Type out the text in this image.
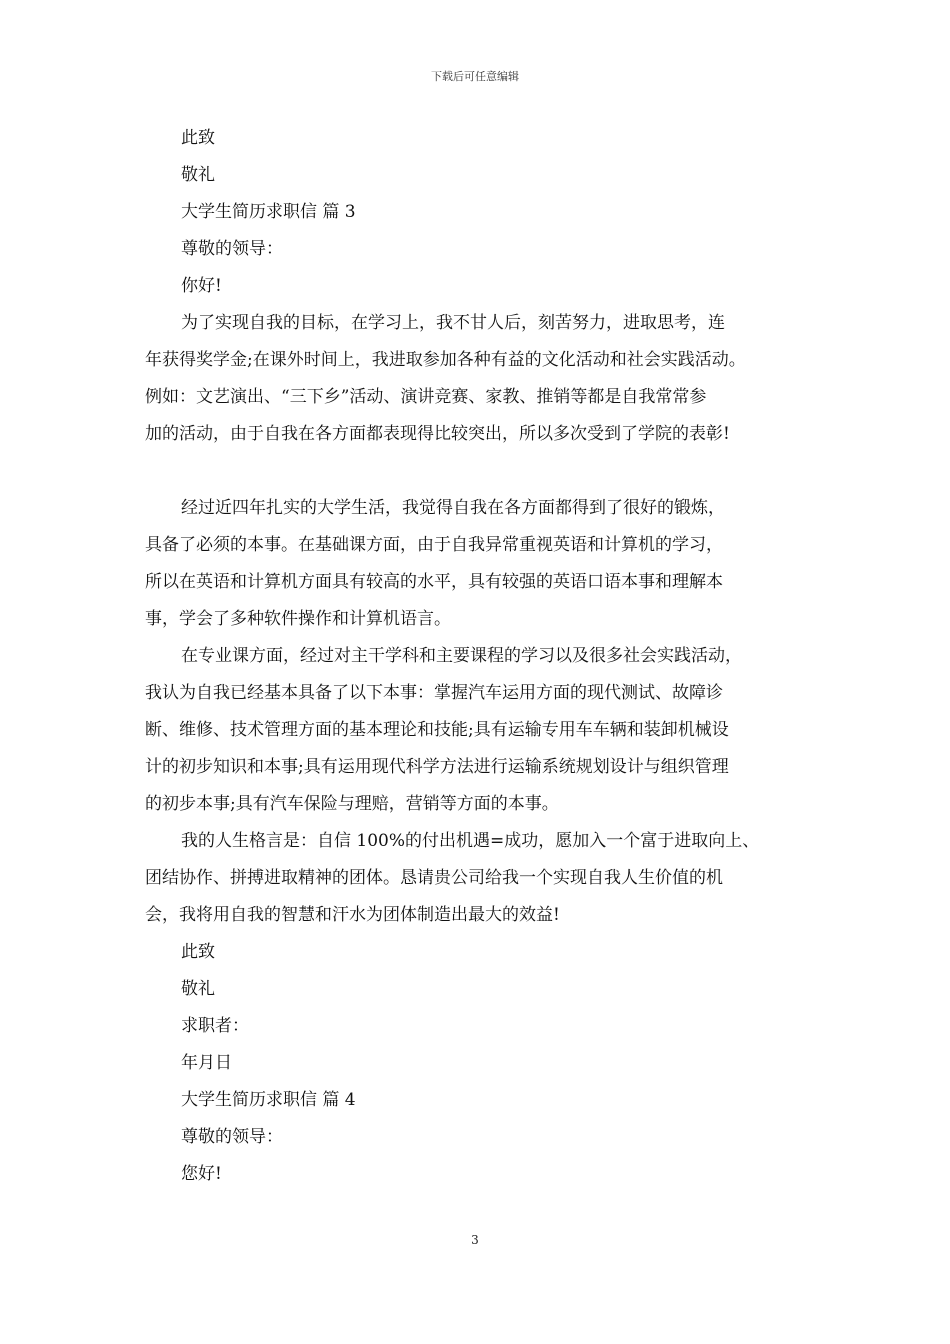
下载后可任意编辑
此致
敬礼
大学生简历求职信 篇 3
尊敬的领导：
你好!
为了实现自我的目标，在学习上，我不甘人后，刻苦努力，进取思考，连
年获得奖学金;在课外时间上，我进取参加各种有益的文化活动和社会实践活动。
例如：文艺演出、“三下乡”活动、演讲竞赛、家教、推销等都是自我常常参
加的活动，由于自我在各方面都表现得比较突出，所以多次受到了学院的表彰!
经过近四年扎实的大学生活，我觉得自我在各方面都得到了很好的锻炼，
具备了必须的本事。在基础课方面，由于自我异常重视英语和计算机的学习，
所以在英语和计算机方面具有较高的水平，具有较强的英语口语本事和理解本
事，学会了多种软件操作和计算机语言。
在专业课方面，经过对主干学科和主要课程的学习以及很多社会实践活动，
我认为自我已经基本具备了以下本事：掌握汽车运用方面的现代测试、故障诊
断、维修、技术管理方面的基本理论和技能;具有运输专用车车辆和装卸机械设
计的初步知识和本事;具有运用现代科学方法进行运输系统规划设计与组织管理
的初步本事;具有汽车保险与理赔，营销等方面的本事。
我的人生格言是：自信 100%的付出机遇=成功，愿加入一个富于进取向上、
团结协作、拼搏进取精神的团体。恳请贵公司给我一个实现自我人生价值的机
会，我将用自我的智慧和汗水为团体制造出最大的效益!
此致
敬礼
求职者：
年月日
大学生简历求职信 篇 4
尊敬的领导：
您好!
3
